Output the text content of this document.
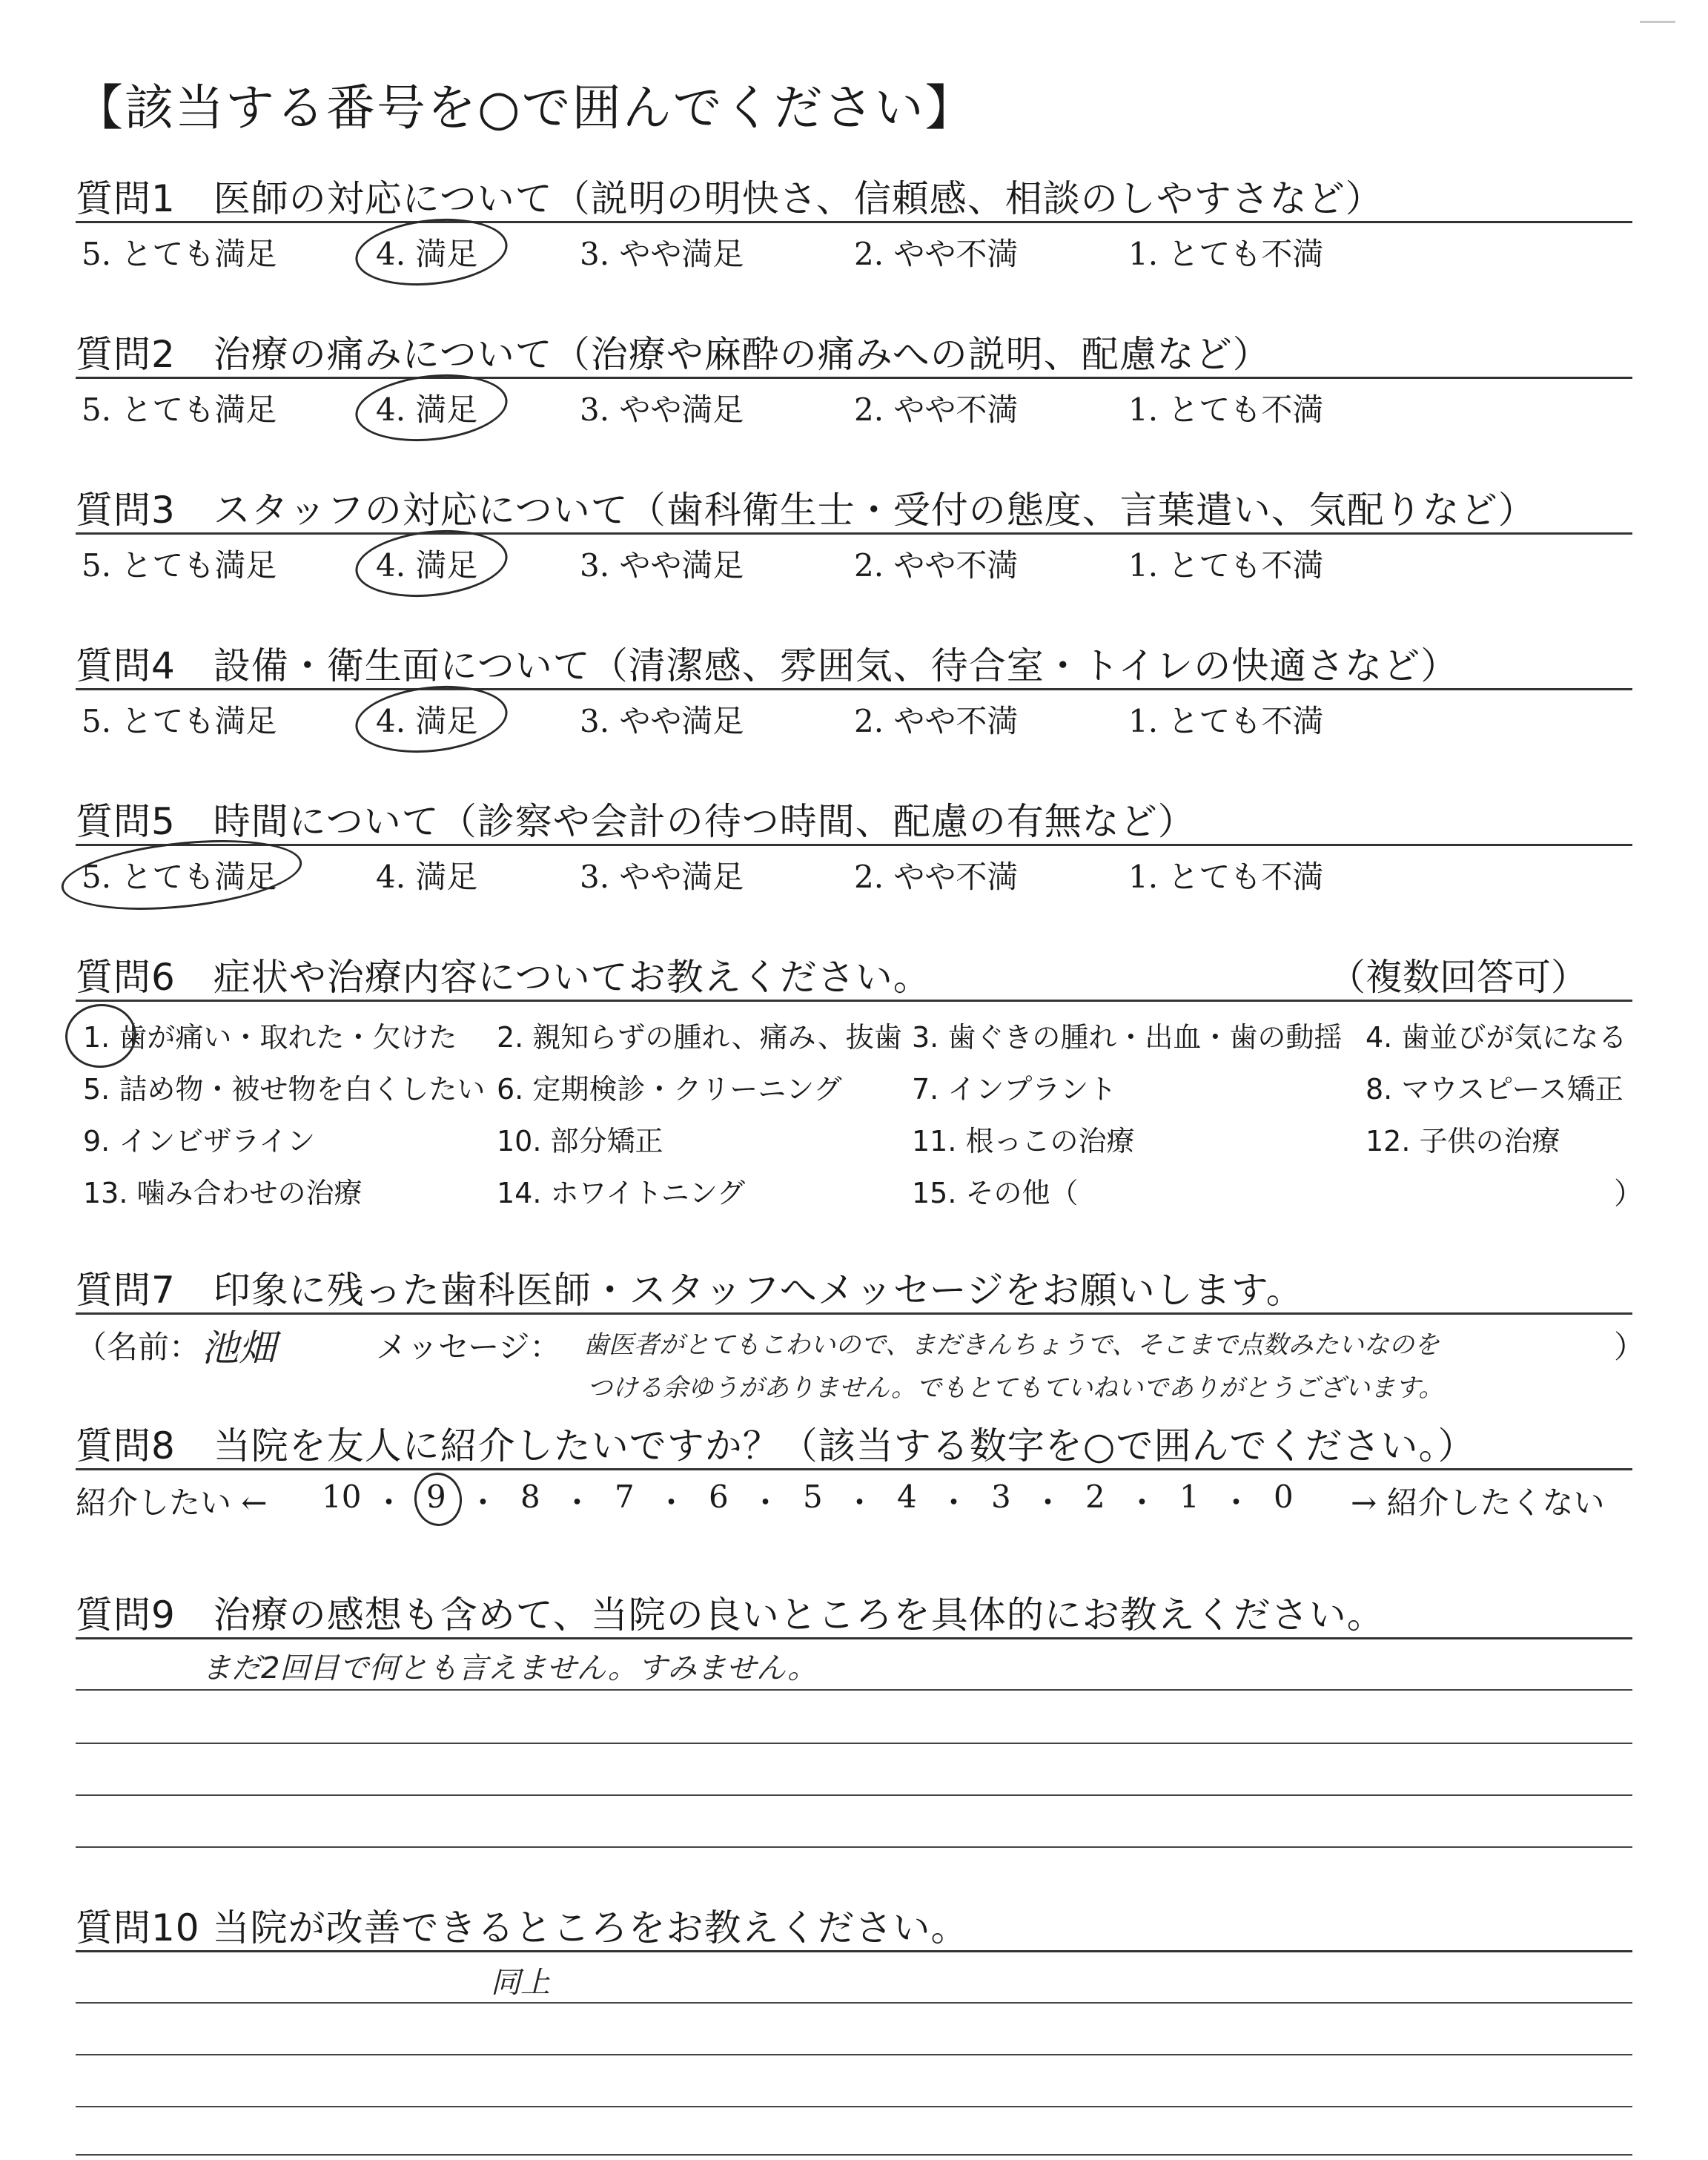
【該当する番号を○で囲んでください】
質問1　医師の対応について（説明の明快さ、信頼感、相談のしやすさなど）
5. とても満足	4. 満足	3. やや満足	2. やや不満	1. とても不満
質問2　治療の痛みについて（治療や麻酔の痛みへの説明、配慮など）
5. とても満足	4. 満足	3. やや満足	2. やや不満	1. とても不満
質問3　スタッフの対応について（歯科衛生士・受付の態度、言葉遣い、気配りなど）
5. とても満足	4. 満足	3. やや満足	2. やや不満	1. とても不満
質問4　設備・衛生面について（清潔感、雰囲気、待合室・トイレの快適さなど）
5. とても満足	4. 満足	3. やや満足	2. やや不満	1. とても不満
質問5　時間について（診察や会計の待つ時間、配慮の有無など）
5. とても満足	4. 満足	3. やや満足	2. やや不満	1. とても不満
質問6　症状や治療内容についてお教えください。	（複数回答可）
1. 歯が痛い・取れた・欠けた 2. 親知らずの腫れ、痛み、抜歯 3. 歯ぐきの腫れ・出血・歯の動揺 4. 歯並びが気になる
5. 詰め物・被せ物を白くしたい 6. 定期検診・クリーニング 7. インプラント	8. マウスピース矯正
9. インビザライン	10. 部分矯正	11. 根っこの治療	12. 子供の治療
13. 噛み合わせの治療	14. ホワイトニング	15. その他（	）
質問7　印象に残った歯科医師・スタッフへメッセージをお願いします。
（名前： 池畑	メッセージ： 歯医者がとてもこわいので、まだきんちょうで、そこまで点数みたいなのを
つける余ゆうがありません。でもとてもていねいでありがとうございます。
）
質問8　当院を友人に紹介したいですか？（該当する数字を○で囲んでください。）
紹介したい ←	→ 紹介したくない
10 ・ 9 ・ 8 ・ 7 ・ 6 ・ 5 ・ 4 ・ 3 ・ 2 ・ 1 ・ 0
質問9　治療の感想も含めて、当院の良いところを具体的にお教えください。
まだ2回目で何とも言えません。すみません。
質問10 当院が改善できるところをお教えください。
同上
